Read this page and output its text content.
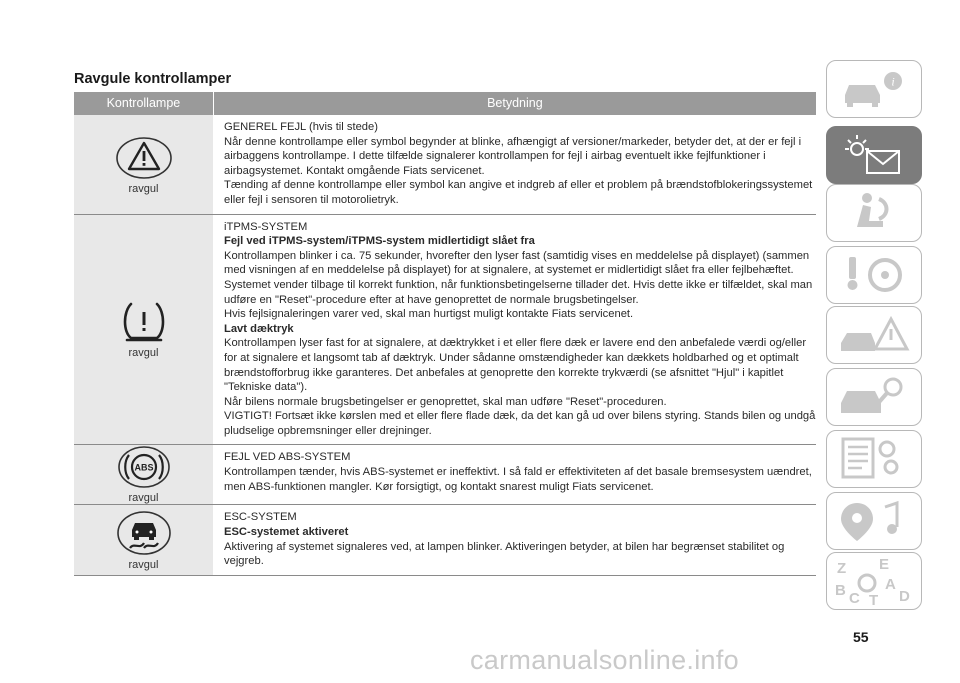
Ravgule kontrollamper
Kontrollampe	Betydning
ravgul

GENEREL FEJL (hvis til stede)

Når denne kontrollampe eller symbol begynder at blinke, afhængigt af versioner/markeder, betyder det, at der er fejl i airbaggens kontrollampe. I dette tilfælde signalerer kontrollampen for fejl i airbag eventuelt ikke fejlfunktioner i airbagsystemet. Kontakt omgående Fiats servicenet.

Tænding af denne kontrollampe eller symbol kan angive et indgreb af eller et problem på brændstofblokeringssystemet eller fejl i sensoren til motorolietryk.

ravgul

iTPMS-SYSTEM

Fejl ved iTPMS-system/iTPMS-system midlertidigt slået fra

Kontrollampen blinker i ca. 75 sekunder, hvorefter den lyser fast (samtidig vises en meddelelse på displayet) (sammen med visningen af en meddelelse på displayet) for at signalere, at systemet er midlertidigt slået fra eller fejlbehæftet. Systemet vender tilbage til korrekt funktion, når funktionsbetingelserne tillader det. Hvis dette ikke er tilfældet, skal man udføre en "Reset"-procedure efter at have genoprettet de normale brugsbetingelser.

Hvis fejlsignaleringen varer ved, skal man hurtigst muligt kontakte Fiats servicenet.

Lavt dæktryk

Kontrollampen lyser fast for at signalere, at dæktrykket i et eller flere dæk er lavere end den anbefalede værdi og/eller for at signalere et langsomt tab af dæktryk. Under sådanne omstændigheder kan dækkets holdbarhed og et optimalt brændstofforbrug ikke garanteres. Det anbefales at genoprette den korrekte trykværdi (se afsnittet "Hjul" i kapitlet "Tekniske data").

Når bilens normale brugsbetingelser er genoprettet, skal man udføre "Reset"-proceduren.

VIGTIGT! Fortsæt ikke kørslen med et eller flere flade dæk, da det kan gå ud over bilens styring. Stands bilen og undgå pludselige opbremsninger eller drejninger.

ABS
ravgul

FEJL VED ABS-SYSTEM

Kontrollampen tænder, hvis ABS-systemet er ineffektivt. I så fald er effektiviteten af det basale bremsesystem uændret, men ABS-funktionen mangler. Kør forsigtigt, og kontakt snarest muligt Fiats servicenet.

ravgul

ESC-SYSTEM

ESC-systemet aktiveret

Aktivering af systemet signaleres ved, at lampen blinker. Aktiveringen betyder, at bilen har begrænset stabilitet og vejgreb.

i
Z E
A
B C T D
55
carmanualsonline.info
